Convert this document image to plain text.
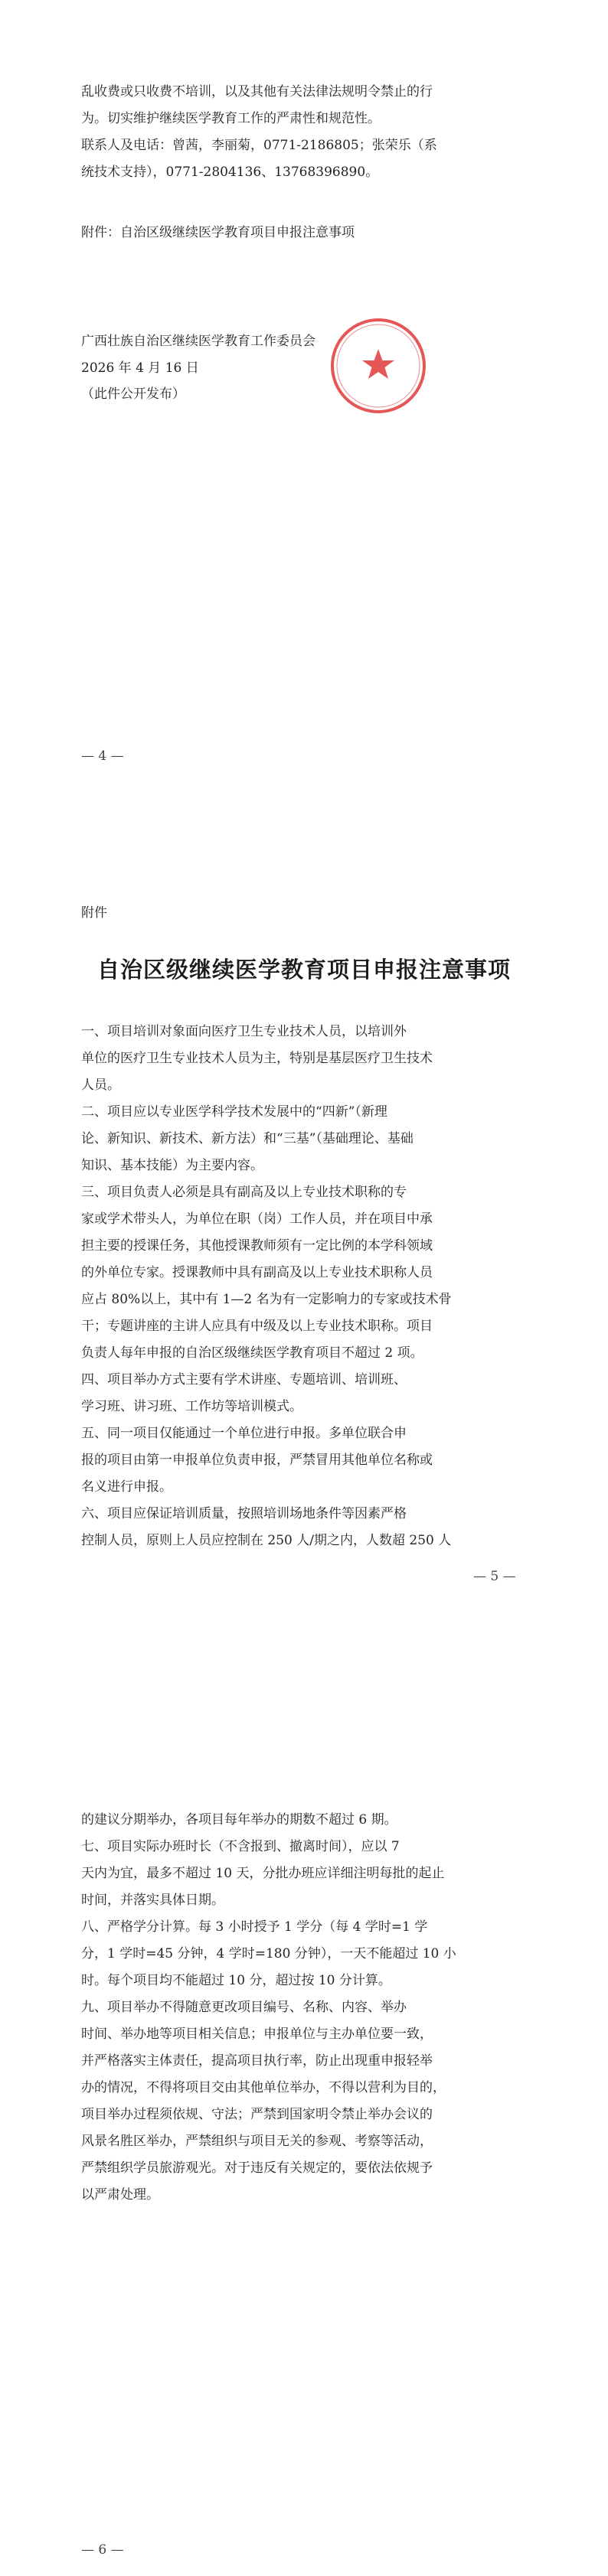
乱收费或只收费不培训，以及其他有关法律法规明令禁止的行
为。切实维护继续医学教育工作的严肃性和规范性。
联系人及电话：曾茜，李丽菊，0771-2186805；张荣乐（系
统技术支持），0771-2804136、13768396890。
附件：自治区级继续医学教育项目申报注意事项
广西壮族自治区继续医学教育工作委员会
2026 年 4 月 16 日
（此件公开发布）
— 4 —
附件
自治区级继续医学教育项目申报注意事项
一、项目培训对象面向医疗卫生专业技术人员，以培训外
单位的医疗卫生专业技术人员为主，特别是基层医疗卫生技术
人员。
二、项目应以专业医学科学技术发展中的“四新”（新理
论、新知识、新技术、新方法）和“三基”（基础理论、基础
知识、基本技能）为主要内容。
三、项目负责人必须是具有副高及以上专业技术职称的专
家或学术带头人，为单位在职（岗）工作人员，并在项目中承
担主要的授课任务，其他授课教师须有一定比例的本学科领域
的外单位专家。授课教师中具有副高及以上专业技术职称人员
应占 80%以上，其中有 1—2 名为有一定影响力的专家或技术骨
干；专题讲座的主讲人应具有中级及以上专业技术职称。项目
负责人每年申报的自治区级继续医学教育项目不超过 2 项。
四、项目举办方式主要有学术讲座、专题培训、培训班、
学习班、讲习班、工作坊等培训模式。
五、同一项目仅能通过一个单位进行申报。多单位联合申
报的项目由第一申报单位负责申报，严禁冒用其他单位名称或
名义进行申报。
六、项目应保证培训质量，按照培训场地条件等因素严格
控制人员，原则上人员应控制在 250 人/期之内，人数超 250 人
— 5 —
的建议分期举办，各项目每年举办的期数不超过 6 期。
七、项目实际办班时长（不含报到、撤离时间），应以 7
天内为宜，最多不超过 10 天，分批办班应详细注明每批的起止
时间，并落实具体日期。
八、严格学分计算。每 3 小时授予 1 学分（每 4 学时=1 学
分，1 学时=45 分钟，4 学时=180 分钟），一天不能超过 10 小
时。每个项目均不能超过 10 分，超过按 10 分计算。
九、项目举办不得随意更改项目编号、名称、内容、举办
时间、举办地等项目相关信息；申报单位与主办单位要一致，
并严格落实主体责任，提高项目执行率，防止出现重申报轻举
办的情况，不得将项目交由其他单位举办，不得以营利为目的，
项目举办过程须依规、守法；严禁到国家明令禁止举办会议的
风景名胜区举办，严禁组织与项目无关的参观、考察等活动，
严禁组织学员旅游观光。对于违反有关规定的，要依法依规予
以严肃处理。
— 6 —
